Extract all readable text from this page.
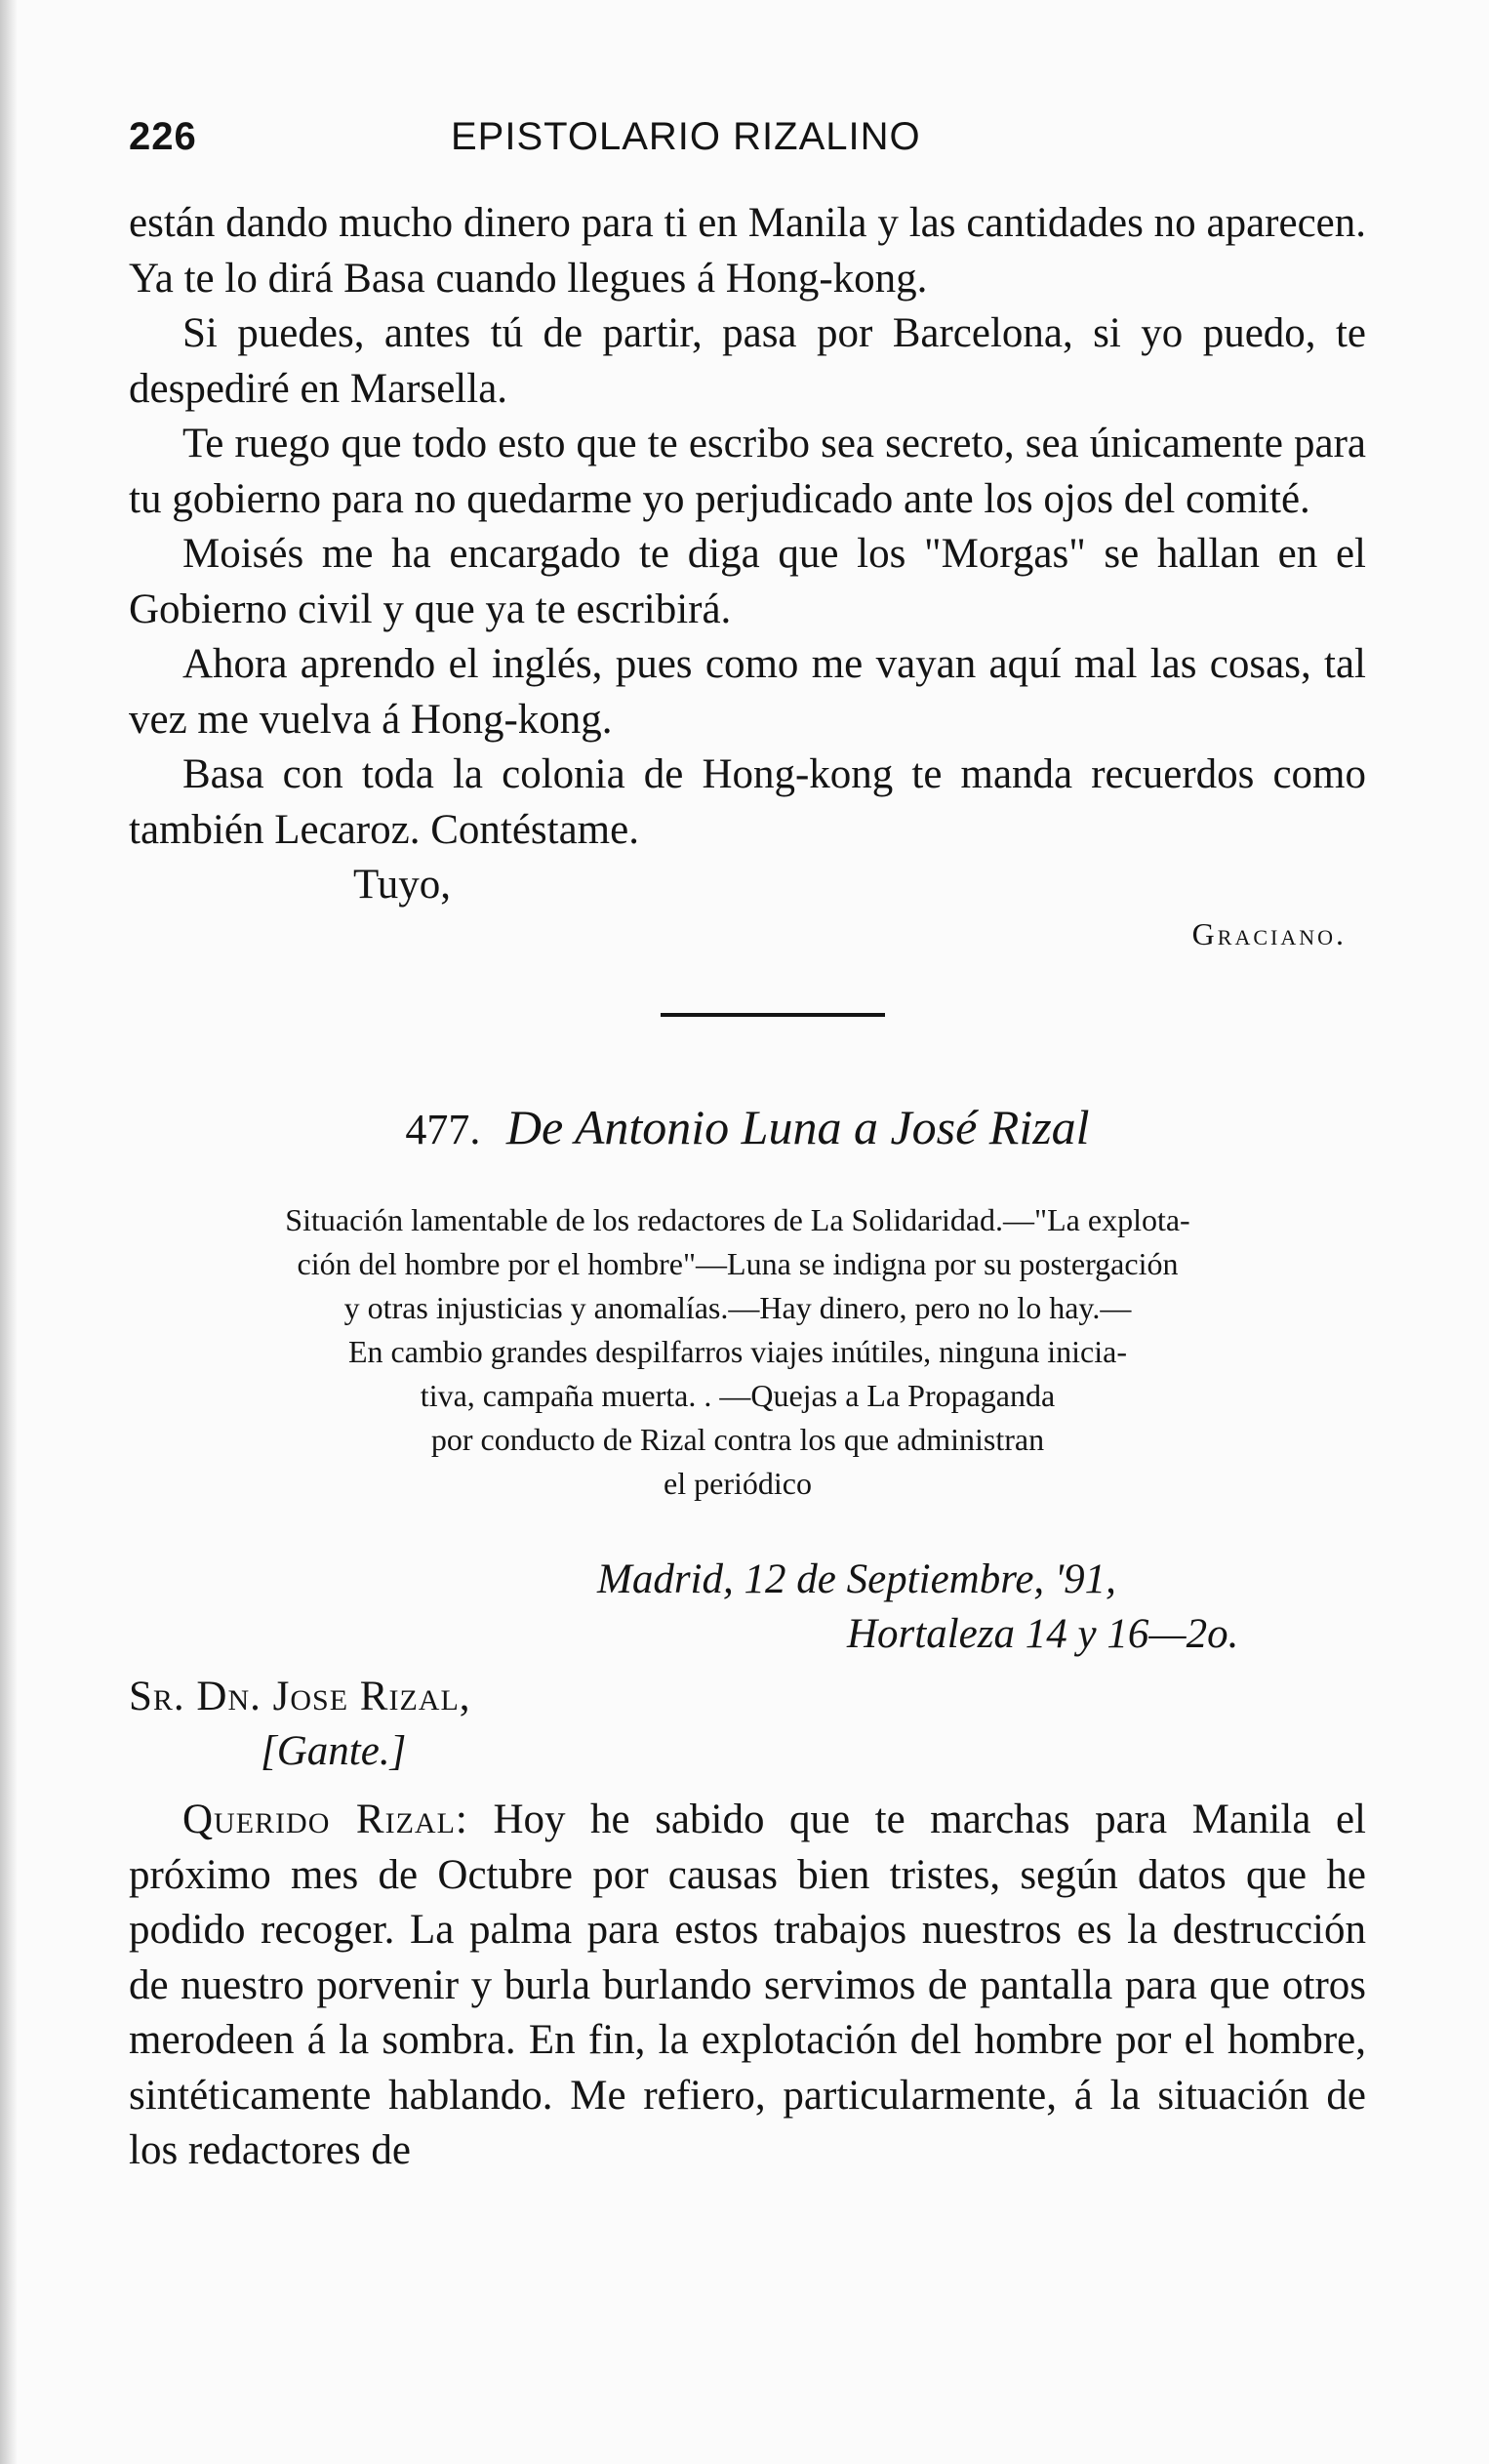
226	EPISTOLARIO RIZALINO

están dando mucho dinero para ti en Manila y las cantidades no aparecen. Ya te lo dirá Basa cuando llegues á Hong-kong.

Si puedes, antes tú de partir, pasa por Barcelona, si yo puedo, te despediré en Marsella.

Te ruego que todo esto que te escribo sea secreto, sea únicamente para tu gobierno para no quedarme yo perjudicado ante los ojos del comité.

Moisés me ha encargado te diga que los "Morgas" se hallan en el Gobierno civil y que ya te escribirá.

Ahora aprendo el inglés, pues como me vayan aquí mal las cosas, tal vez me vuelva á Hong-kong.

Basa con toda la colonia de Hong-kong te manda recuerdos como también Lecaroz. Contéstame.

Tuyo,
Graciano.
477. De Antonio Luna a José Rizal
Situación lamentable de los redactores de La Solidaridad.—"La explota-
ción del hombre por el hombre"—Luna se indigna por su postergación
y otras injusticias y anomalías.—Hay dinero, pero no lo hay.—
En cambio grandes despilfarros viajes inútiles, ninguna inicia-
tiva, campaña muerta. . —Quejas a La Propaganda
por conducto de Rizal contra los que administran
el periódico
Madrid, 12 de Septiembre, '91,
Hortaleza 14 y 16—2o.
Sr. Dn. Jose Rizal,
[Gante.]

Querido Rizal: Hoy he sabido que te marchas para Manila el próximo mes de Octubre por causas bien tristes, según datos que he podido recoger. La palma para estos trabajos nuestros es la destrucción de nuestro porvenir y burla burlando servimos de pantalla para que otros merodeen á la sombra. En fin, la explotación del hombre por el hombre, sintéticamente hablando. Me refiero, particularmente, á la situación de los redactores de
